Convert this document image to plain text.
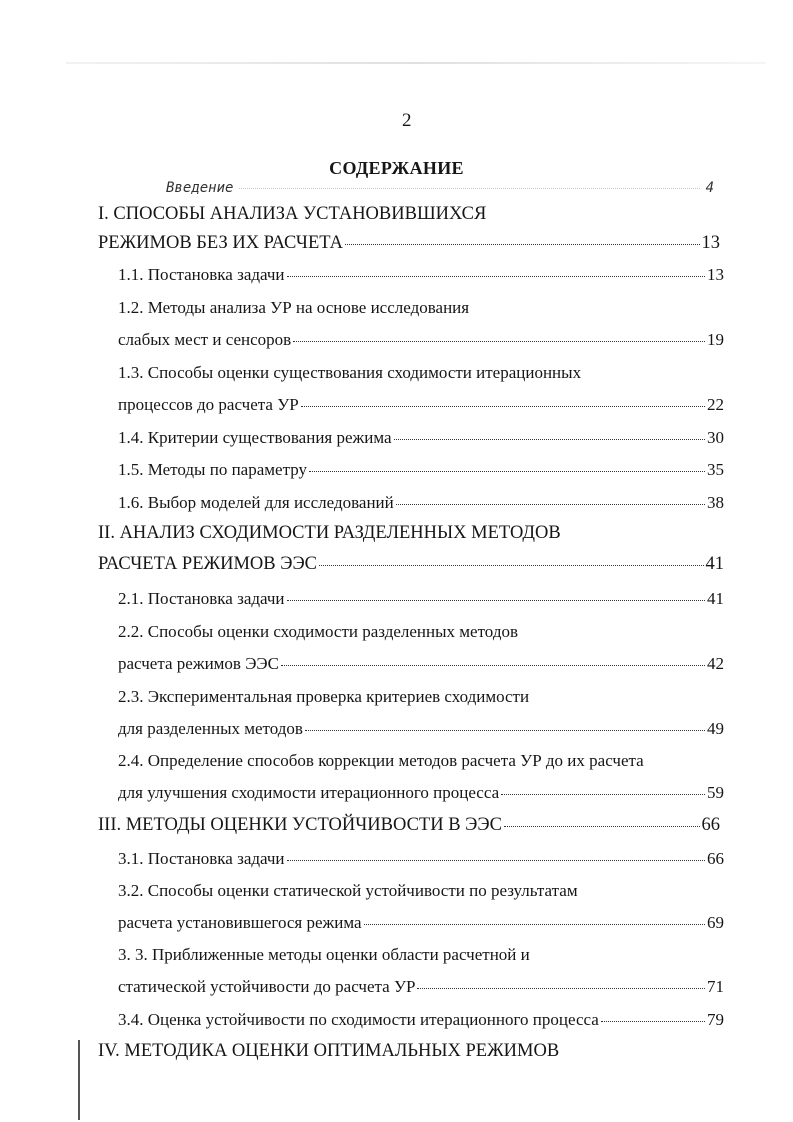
2
СОДЕРЖАНИЕ
Введение	4
I. СПОСОБЫ АНАЛИЗА УСТАНОВИВШИХСЯ
РЕЖИМОВ БЕЗ ИХ РАСЧЕТА	13
1.1. Постановка задачи	13
1.2. Методы анализа УР на основе исследования
слабых мест и сенсоров	19
1.3. Способы оценки существования сходимости итерационных
процессов до расчета УР	22
1.4. Критерии существования режима	30
1.5. Методы по параметру	35
1.6. Выбор моделей для исследований	38
II. АНАЛИЗ СХОДИМОСТИ РАЗДЕЛЕННЫХ МЕТОДОВ
РАСЧЕТА РЕЖИМОВ ЭЭС	41
2.1. Постановка задачи	41
2.2. Способы оценки сходимости разделенных методов
расчета режимов ЭЭС	42
2.3. Экспериментальная проверка критериев сходимости
для разделенных методов	49
2.4. Определение способов коррекции методов расчета УР до их расчета
для улучшения сходимости итерационного процесса	59
III. МЕТОДЫ ОЦЕНКИ УСТОЙЧИВОСТИ В ЭЭС	66
3.1. Постановка задачи	66
3.2. Способы оценки статической устойчивости по результатам
расчета установившегося режима	69
3. 3. Приближенные методы оценки области расчетной и
статической устойчивости до расчета УР	71
3.4. Оценка устойчивости по сходимости итерационного процесса	79
IV. МЕТОДИКА ОЦЕНКИ ОПТИМАЛЬНЫХ РЕЖИМОВ
